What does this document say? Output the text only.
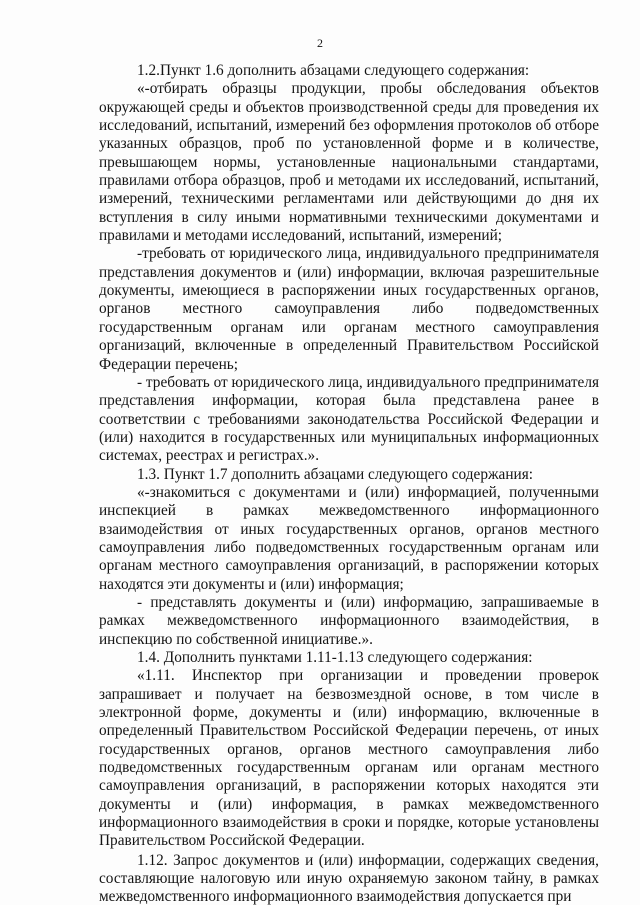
2

1.2.Пункт 1.6 дополнить абзацами следующего содержания:

«-отбирать образцы продукции, пробы обследования объектов окружающей среды и объектов производственной среды для проведения их исследований, испытаний, измерений без оформления протоколов об отборе указанных образцов, проб по установленной форме и в количестве, превышающем нормы, установленные национальными стандартами, правилами отбора образцов, проб и методами их исследований, испытаний, измерений, техническими регламентами или действующими до дня их вступления в силу иными нормативными техническими документами и правилами и методами исследований, испытаний, измерений;

-требовать от юридического лица, индивидуального предпринимателя представления документов и (или) информации, включая разрешительные документы, имеющиеся в распоряжении иных государственных органов, органов местного самоуправления либо подведомственных государственным органам или органам местного самоуправления организаций, включенные в определенный Правительством Российской Федерации перечень;

- требовать от юридического лица, индивидуального предпринимателя представления информации, которая была представлена ранее в соответствии с требованиями законодательства Российской Федерации и (или) находится в государственных или муниципальных информационных системах, реестрах и регистрах.».

1.3. Пункт 1.7 дополнить абзацами следующего содержания:

«-знакомиться с документами и (или) информацией, полученными инспекцией в рамках межведомственного информационного взаимодействия от иных государственных органов, органов местного самоуправления либо подведомственных государственным органам или органам местного самоуправления организаций, в распоряжении которых находятся эти документы и (или) информация;

- представлять документы и (или) информацию, запрашиваемые в рамках межведомственного информационного взаимодействия, в инспекцию по собственной инициативе.».

1.4. Дополнить пунктами 1.11-1.13 следующего содержания:

«1.11. Инспектор при организации и проведении проверок запрашивает и получает на безвозмездной основе, в том числе в электронной форме, документы и (или) информацию, включенные в определенный Правительством Российской Федерации перечень, от иных государственных органов, органов местного самоуправления либо подведомственных государственным органам или органам местного самоуправления организаций, в распоряжении которых находятся эти документы и (или) информация, в рамках межведомственного информационного взаимодействия в сроки и порядке, которые установлены Правительством Российской Федерации.

1.12. Запрос документов и (или) информации, содержащих сведения, составляющие налоговую или иную охраняемую законом тайну, в рамках межведомственного информационного взаимодействия допускается при
